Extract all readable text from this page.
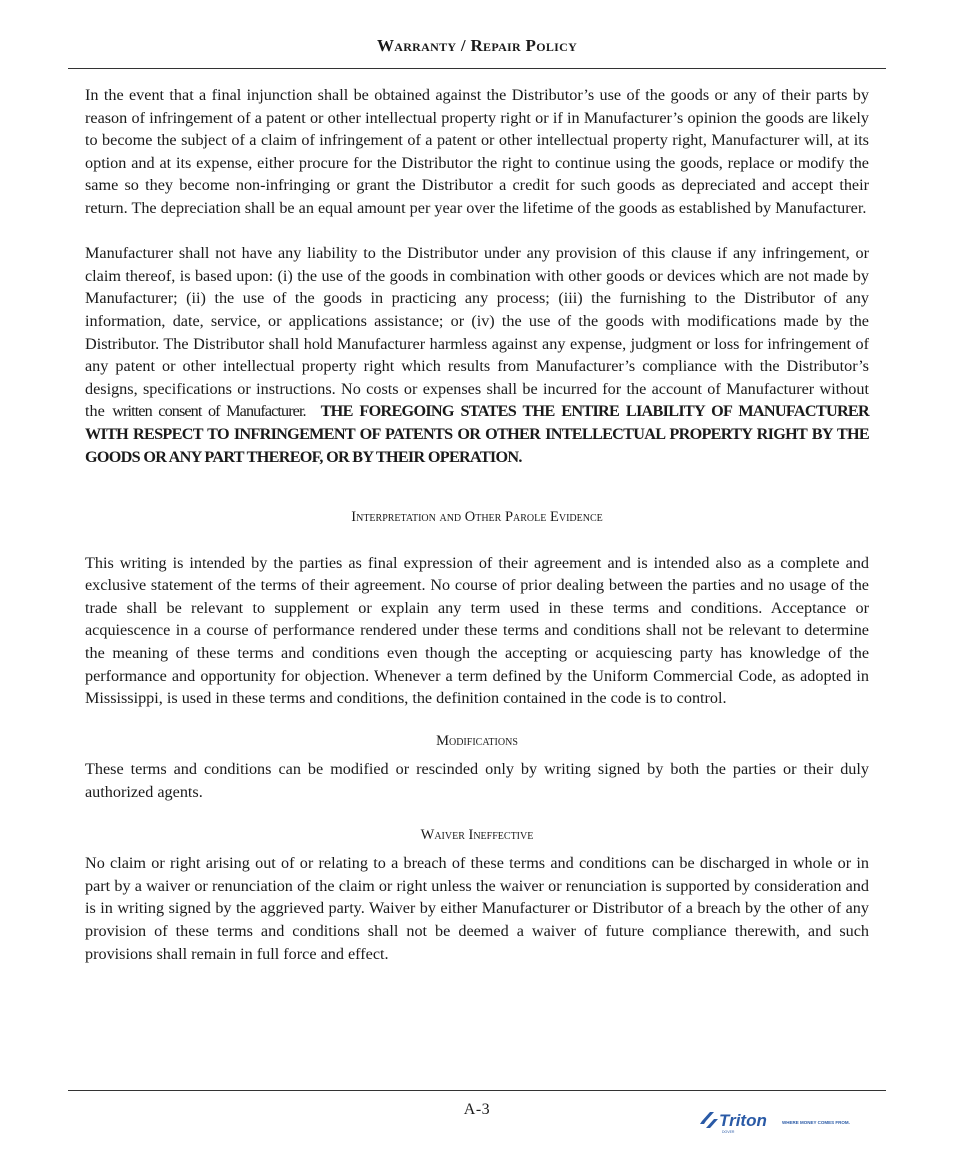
Warranty / Repair Policy

In the event that a final injunction shall be obtained against the Distributor’s use of the goods or any of their parts by reason of infringement of a patent or other intellectual property right or if in Manufacturer’s opinion the goods are likely to become the subject of a claim of infringement of a patent or other intellectual property right, Manufacturer will, at its option and at its expense, either procure for the Distributor the right to continue using the goods, replace or modify the same so they become non-infringing or grant the Distributor a credit for such goods as depreciated and accept their return. The depreciation shall be an equal amount per year over the lifetime of the goods as established by Manufacturer.

Manufacturer shall not have any liability to the Distributor under any provision of this clause if any infringement, or claim thereof, is based upon: (i) the use of the goods in combination with other goods or devices which are not made by Manufacturer; (ii) the use of the goods in practicing any process; (iii) the furnishing to the Distributor of any information, date, service, or applications assistance; or (iv) the use of the goods with modifications made by the Distributor. The Distributor shall hold Manufacturer harmless against any expense, judgment or loss for infringement of any patent or other intellectual property right which results from Manufacturer’s compliance with the Distributor’s designs, specifications or instructions. No costs or expenses shall be incurred for the account of Manufacturer without the written consent of Manufacturer. THE FOREGOING STATES THE ENTIRE LIABILITY OF MANUFACTURER WITH RESPECT TO INFRINGEMENT OF PATENTS OR OTHER INTELLECTUAL PROPERTY RIGHT BY THE GOODS OR ANY PART THEREOF, OR BY THEIR OPERATION.

Interpretation and Other Parole Evidence

This writing is intended by the parties as final expression of their agreement and is intended also as a complete and exclusive statement of the terms of their agreement. No course of prior dealing between the parties and no usage of the trade shall be relevant to supplement or explain any term used in these terms and conditions. Acceptance or acquiescence in a course of performance rendered under these terms and conditions shall not be relevant to determine the meaning of these terms and conditions even though the accepting or acquiescing party has knowledge of the performance and opportunity for objection. Whenever a term defined by the Uniform Commercial Code, as adopted in Mississippi, is used in these terms and conditions, the definition contained in the code is to control.

Modifications

These terms and conditions can be modified or rescinded only by writing signed by both the parties or their duly authorized agents.

Waiver Ineffective

No claim or right arising out of or relating to a breach of these terms and conditions can be discharged in whole or in part by a waiver or renunciation of the claim or right unless the waiver or renunciation is supported by consideration and is in writing signed by the aggrieved party. Waiver by either Manufacturer or Distributor of a breach by the other of any provision of these terms and conditions shall not be deemed a waiver of future compliance therewith, and such provisions shall remain in full force and effect.

A-3
Triton	WHERE MONEY COMES FROM.
DOVER
